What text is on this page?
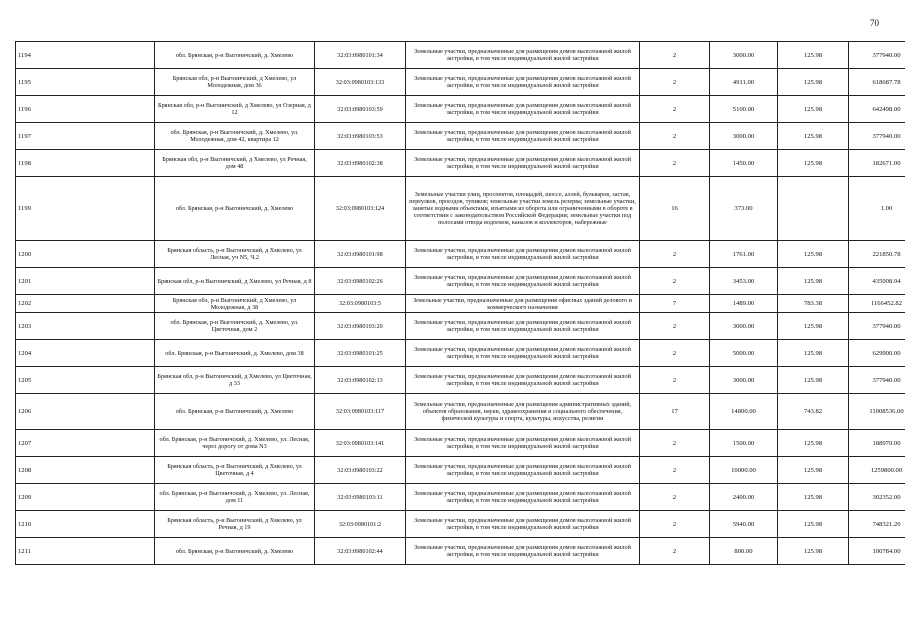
70
1194	обл. Брянская, р-н Выгоничский, д. Хмелево	32:03:0980101:34	Земельные участки, предназначенные для размещения домов малоэтажной жилой застройки, в том числе индивидуальной жилой застройки	2	3000.00	125.98	377940.00
1195	Брянская обл, р-н Выгоничский, д Хмелево, ул Молодежная, дом 36	32:03:0980103:133	Земельные участки, предназначенные для размещения домов малоэтажной жилой застройки, в том числе индивидуальной жилой застройки	2	4911.00	125.98	618687.78
1196	Брянская обл, р-н Выгоничский, д Хмелево, ул Озерная, д 12	32:03:0980103:59	Земельные участки, предназначенные для размещения домов малоэтажной жилой застройки, в том числе индивидуальной жилой застройки	2	5100.00	125.98	642498.00
1197	обл. Брянская, р-н Выгоничский, д. Хмелево, ул. Молодежная, дом 42, квартира 12	32:03:0980103:53	Земельные участки, предназначенные для размещения домов малоэтажной жилой застройки, в том числе индивидуальной жилой застройки	2	3000.00	125.98	377940.00
1198	Брянская обл, р-н Выгоничский, д Хмелево, ул Речная, дом 48	32:03:0980102:38	Земельные участки, предназначенные для размещения домов малоэтажной жилой застройки, в том числе индивидуальной жилой застройки	2	1450.00	125.98	182671.00
1199	обл. Брянская, р-н Выгоничский, д. Хмелево	32:03:0980103:124	Земельные участки улиц, проспектов, площадей, шоссе, аллей, бульваров, застав, переулков, проездов, тупиков; земельные участки земель резерва; земельные участки, занятые водными объектами, изъятыми из оборота или ограниченными в обороте в соответствии с законодательством Российской Федерации; земельные участки под полосами отвода водоемов, каналов и коллекторов, набережные	16	373.00		1.00
1200	Брянская область, р-н Выгоничский, д Хмелево, ул Лесная, уч N5, Ч.2	32:03:0980101:98	Земельные участки, предназначенные для размещения домов малоэтажной жилой застройки, в том числе индивидуальной жилой застройки	2	1761.00	125.98	221850.78
1201	Брянская обл, р-н Выгоничский, д Хмелево, ул Речная, д 8	32:03:0980102:26	Земельные участки, предназначенные для размещения домов малоэтажной жилой застройки, в том числе индивидуальной жилой застройки	2	3453.00	125.98	435008.94
1202	Брянская обл, р-н Выгоничский, д Хмелево, ул Молодежная, д 38	32:03:0980103:5	Земельные участки, предназначенные для размещения офисных зданий делового и коммерческого назначения	7	1489.00	783.38	1166452.82
1203	обл. Брянская, р-н Выгоничский, д. Хмелево, ул. Цветочная, дом 2	32:03:0980103:20	Земельные участки, предназначенные для размещения домов малоэтажной жилой застройки, в том числе индивидуальной жилой застройки	2	3000.00	125.98	377940.00
1204	обл. Брянская, р-н Выгоничский, д. Хмелево, дом 38	32:03:0980101:25	Земельные участки, предназначенные для размещения домов малоэтажной жилой застройки, в том числе индивидуальной жилой застройки	2	5000.00	125.98	629900.00
1205	Брянская обл, р-н Выгоничский, д Хмелево, ул Цветочная, д 33	32:03:0980102:13	Земельные участки, предназначенные для размещения домов малоэтажной жилой застройки, в том числе индивидуальной жилой застройки	2	3000.00	125.98	377940.00
1206	обл. Брянская, р-н Выгоничский, д. Хмелево	32:03:0980103:117	Земельные участки, предназначенные для размещения административных зданий, объектов образования, науки, здравоохранения и социального обеспечения, физической культуры и спорта, культуры, искусства, религии	17	14800.00	743.82	11008536.00
1207	обл. Брянская, р-н Выгоничский, д. Хмелево, ул. Лесная, через дорогу от дома N3	32:03:0980103:141	Земельные участки, предназначенные для размещения домов малоэтажной жилой застройки, в том числе индивидуальной жилой застройки	2	1500.00	125.98	188970.00
1208	Брянская область, р-н Выгоничский, д Хмелево, ул Цветочная, д 4	32:03:0980103:22	Земельные участки, предназначенные для размещения домов малоэтажной жилой застройки, в том числе индивидуальной жилой застройки	2	10000.00	125.98	1259800.00
1209	обл. Брянская, р-н Выгоничский, д. Хмелево, ул. Лесная, дом 11	32:03:0980103:11	Земельные участки, предназначенные для размещения домов малоэтажной жилой застройки, в том числе индивидуальной жилой застройки	2	2400.00	125.98	302352.00
1210	Брянская область, р-н Выгоничский, д Хмелево, ул Речная, д 19	32:03:0980101:2	Земельные участки, предназначенные для размещения домов малоэтажной жилой застройки, в том числе индивидуальной жилой застройки	2	5940.00	125.98	748321.20
1211	обл. Брянская, р-н Выгоничский, д. Хмелево	32:03:0980102:44	Земельные участки, предназначенные для размещения домов малоэтажной жилой застройки, в том числе индивидуальной жилой застройки	2	800.00	125.98	100784.00
